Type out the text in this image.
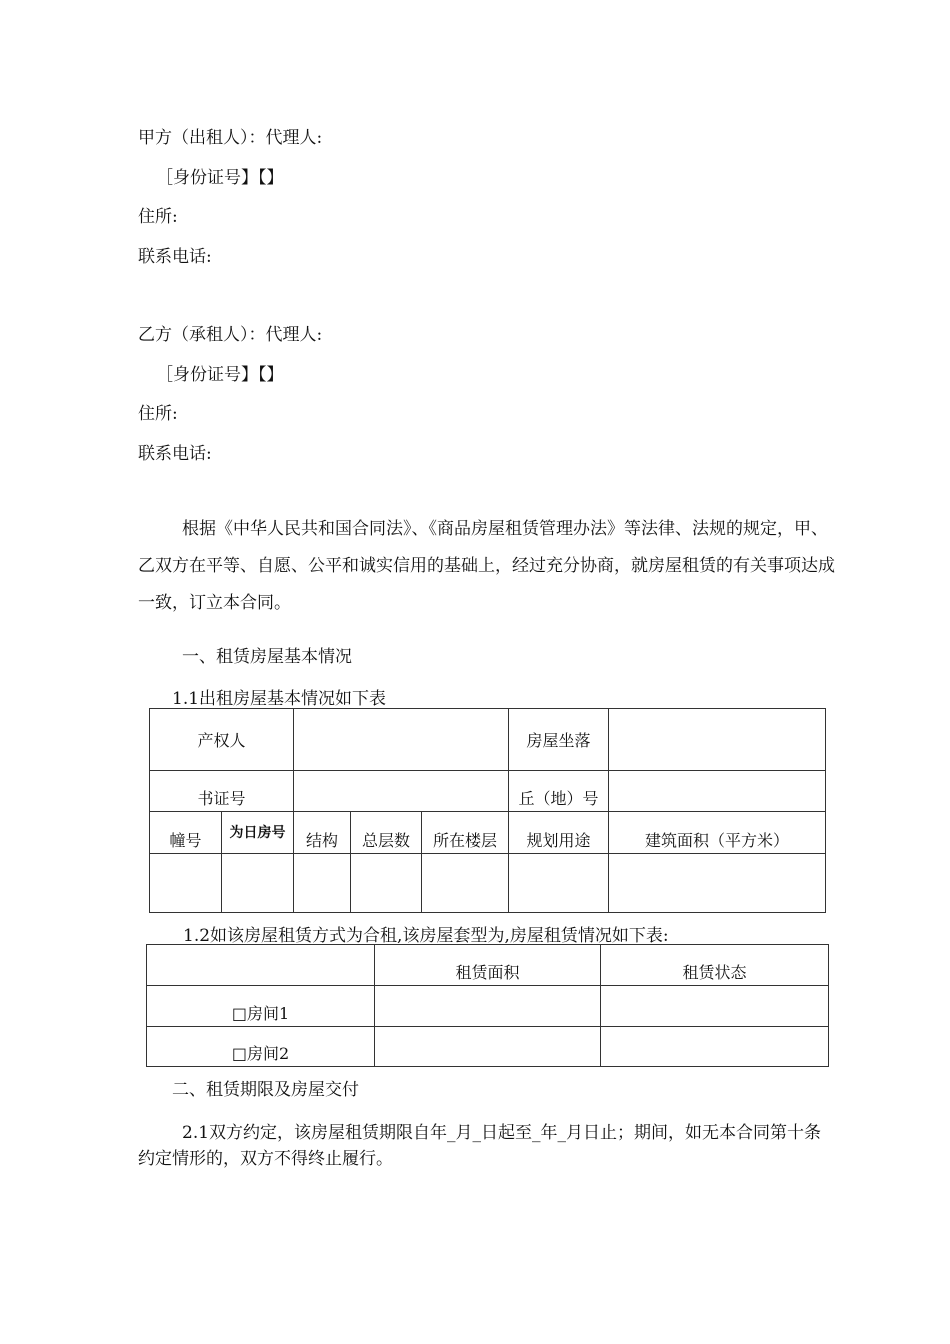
甲方（出租人）：代理人:
［身份证号】【】
住所:
联系电话:
乙方（承租人）：代理人:
［身份证号】【】
住所:
联系电话:
根据《中华人民共和国合同法》、《商品房屋租赁管理办法》等法律、法规的规定，甲、乙双方在平等、自愿、公平和诚实信用的基础上，经过充分协商，就房屋租赁的有关事项达成一致，订立本合同。
一、租赁房屋基本情况
1.1出租房屋基本情况如下表
产权人					房屋坐落	
书证号					丘（地）号	
幢号	为日房号	结构	总层数	所在楼层	规划用途	建筑面积（平方米）

1.2如该房屋租赁方式为合租,该房屋套型为,房屋租赁情况如下表:
	租赁面积	租赁状态
□房间1		
□房间2		
二、租赁期限及房屋交付
2.1双方约定，该房屋租赁期限自年_月_日起至_年_月日止；期间，如无本合同第十条约定情形的，双方不得终止履行。
